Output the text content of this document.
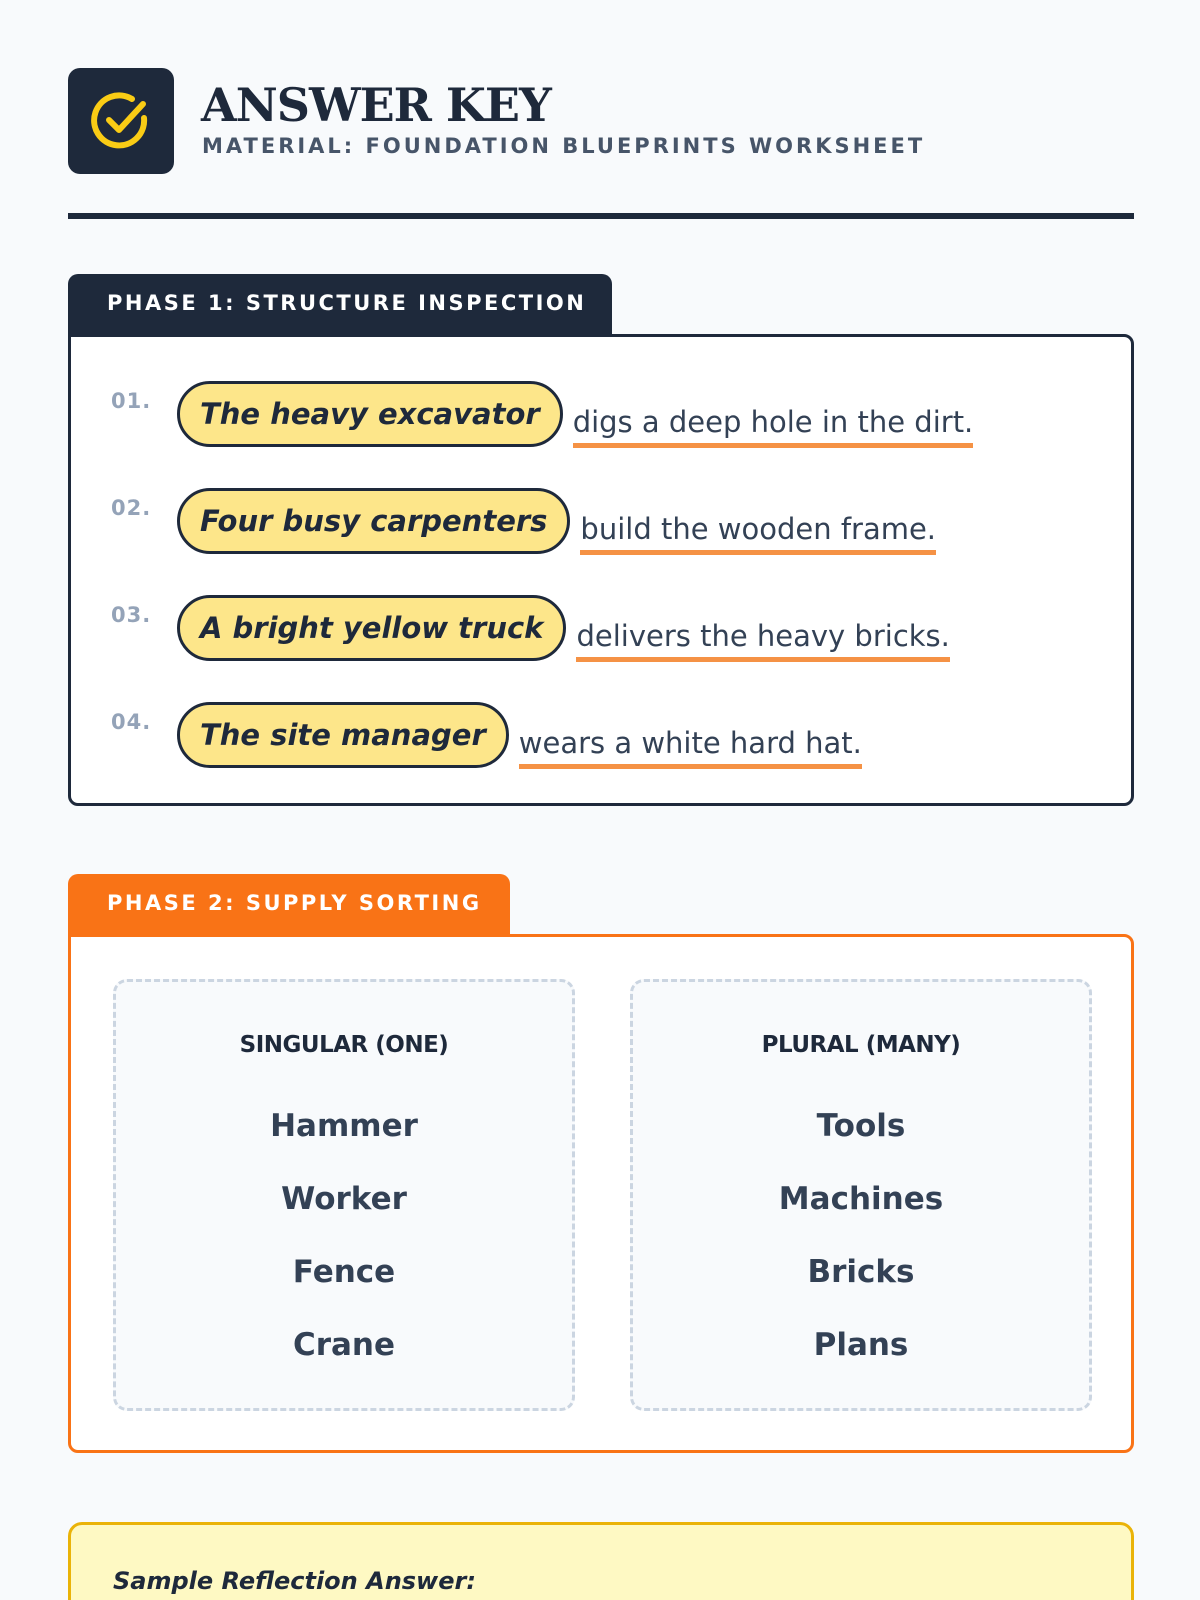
ANSWER KEY
MATERIAL: FOUNDATION BLUEPRINTS WORKSHEET
PHASE 1: STRUCTURE INSPECTION
01.	The heavy excavator	digs a deep hole in the dirt.
02.	Four busy carpenters	build the wooden frame.
03.	A bright yellow truck	delivers the heavy bricks.
04.	The site manager	wears a white hard hat.
PHASE 2: SUPPLY SORTING
SINGULAR (ONE)
Hammer
Worker
Fence
Crane
PLURAL (MANY)
Tools
Machines
Bricks
Plans
Sample Reflection Answer:
